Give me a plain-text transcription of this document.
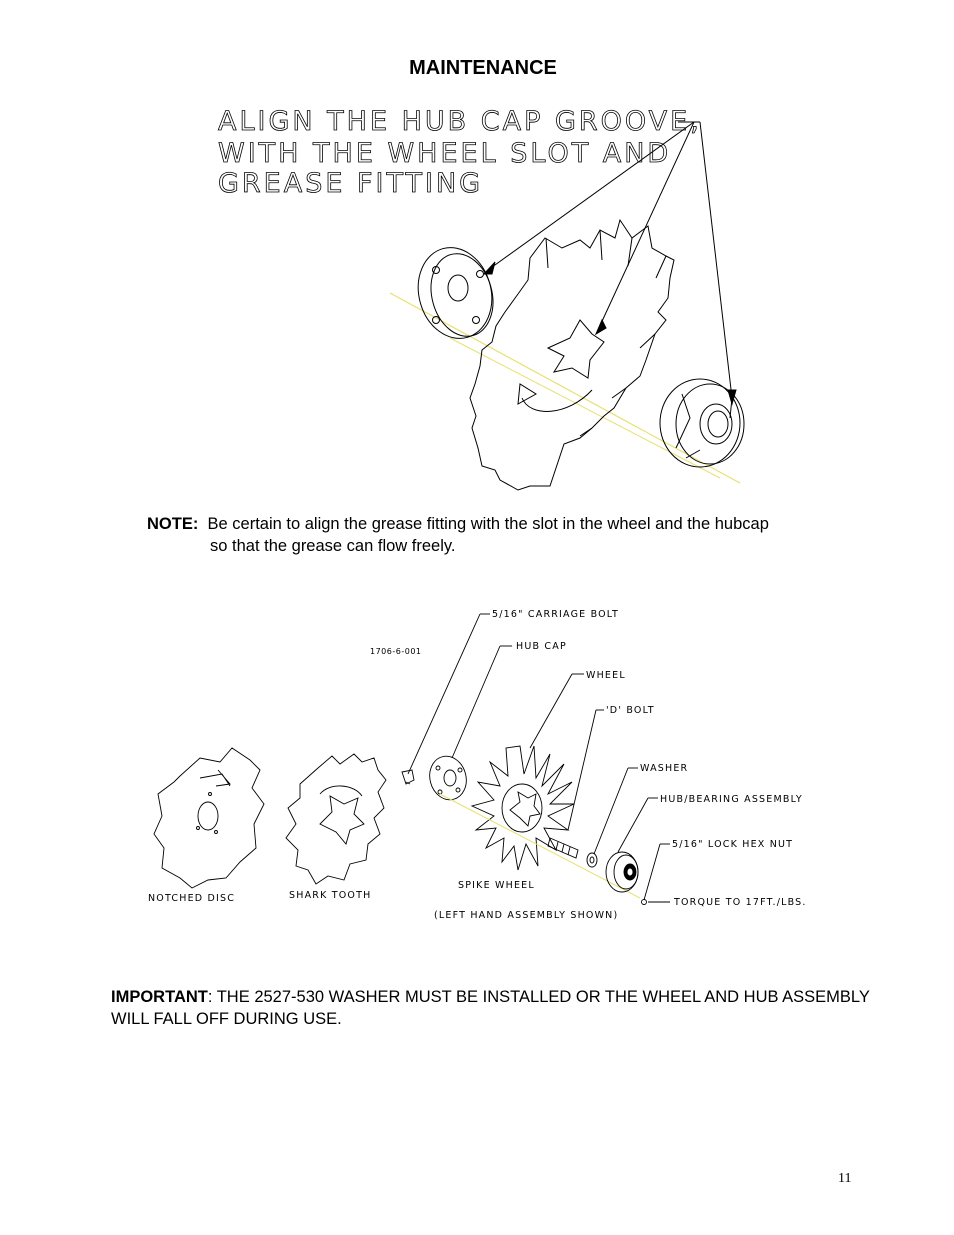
MAINTENANCE
ALIGN THE HUB CAP GROOVE,
WITH THE WHEEL SLOT AND
GREASE FITTING
NOTE: Be certain to align the grease fitting with the slot in the wheel and the hubcap
so that the grease can flow freely.
1706-6-001
5/16" CARRIAGE BOLT
HUB CAP
WHEEL
'D' BOLT
WASHER
HUB/BEARING ASSEMBLY
5/16" LOCK HEX NUT
TORQUE TO 17FT./LBS.
NOTCHED DISC	SHARK TOOTH
SPIKE WHEEL
(LEFT HAND ASSEMBLY SHOWN)
IMPORTANT: THE 2527-530 WASHER MUST BE INSTALLED OR THE WHEEL AND HUB ASSEMBLY WILL FALL OFF DURING USE.
11
